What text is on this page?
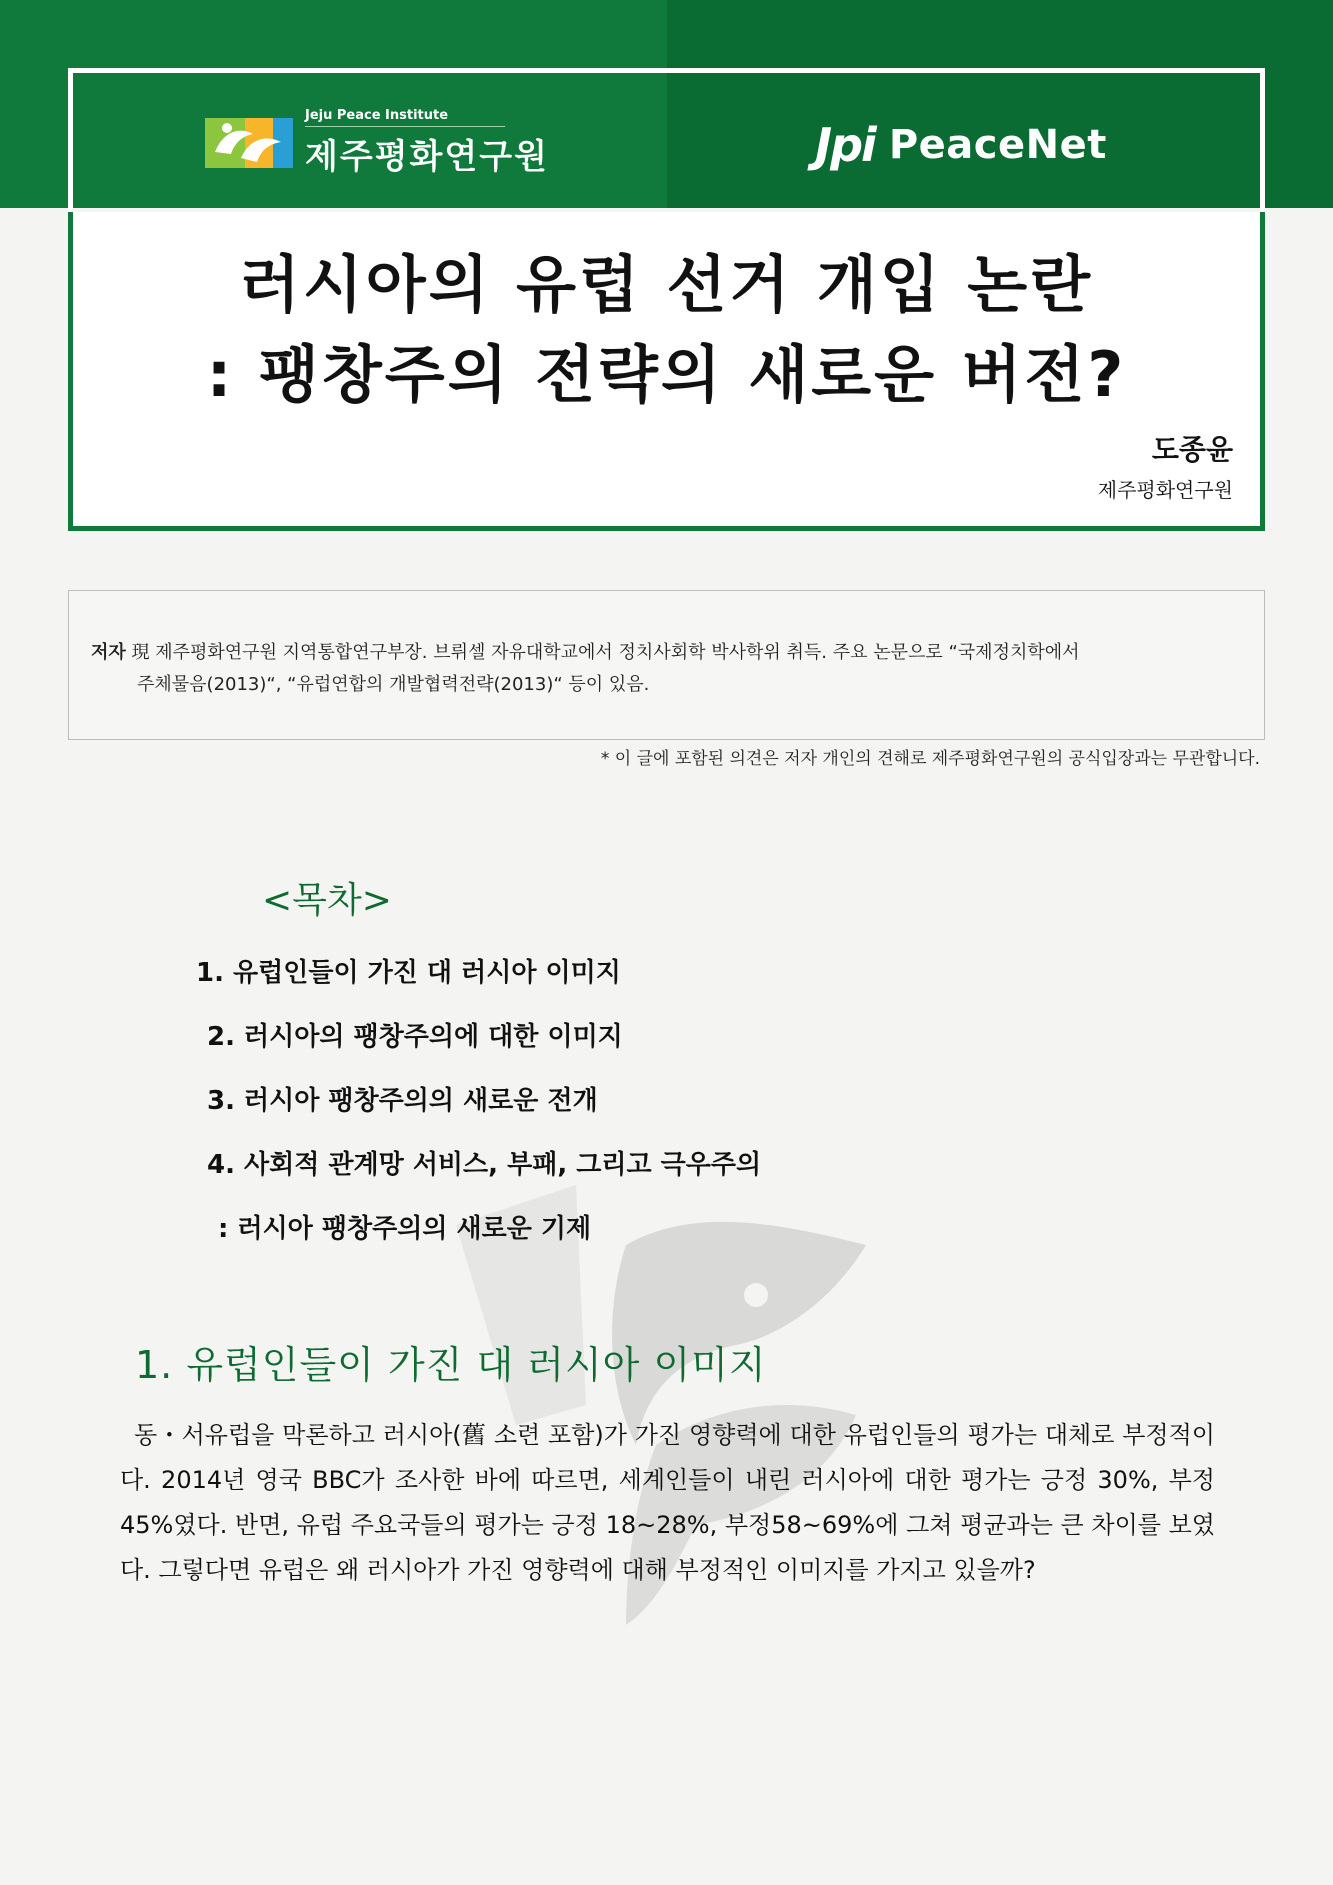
Jeju Peace Institute
제주평화연구원	Jpi PeaceNet
러시아의 유럽 선거 개입 논란
: 팽창주의 전략의 새로운 버전?
도종윤
제주평화연구원

저자 現 제주평화연구원 지역통합연구부장. 브뤼셀 자유대학교에서 정치사회학 박사학위 취득. 주요 논문으로 “국제정치학에서
주체물음(2013)“, “유럽연합의 개발협력전략(2013)“ 등이 있음.

* 이 글에 포함된 의견은 저자 개인의 견해로 제주평화연구원의 공식입장과는 무관합니다.
<목차>
1. 유럽인들이 가진 대 러시아 이미지
2. 러시아의 팽창주의에 대한 이미지
3. 러시아 팽창주의의 새로운 전개
4. 사회적 관계망 서비스, 부패, 그리고 극우주의
: 러시아 팽창주의의 새로운 기제
1. 유럽인들이 가진 대 러시아 이미지

동・서유럽을 막론하고 러시아(舊 소련 포함)가 가진 영향력에 대한 유럽인들의 평가는 대체로 부정적이다. 2014년 영국 BBC가 조사한 바에 따르면, 세계인들이 내린 러시아에 대한 평가는 긍정 30%, 부정 45%였다. 반면, 유럽 주요국들의 평가는 긍정 18~28%, 부정58~69%에 그쳐 평균과는 큰 차이를 보였다. 그렇다면 유럽은 왜 러시아가 가진 영향력에 대해 부정적인 이미지를 가지고 있을까?
